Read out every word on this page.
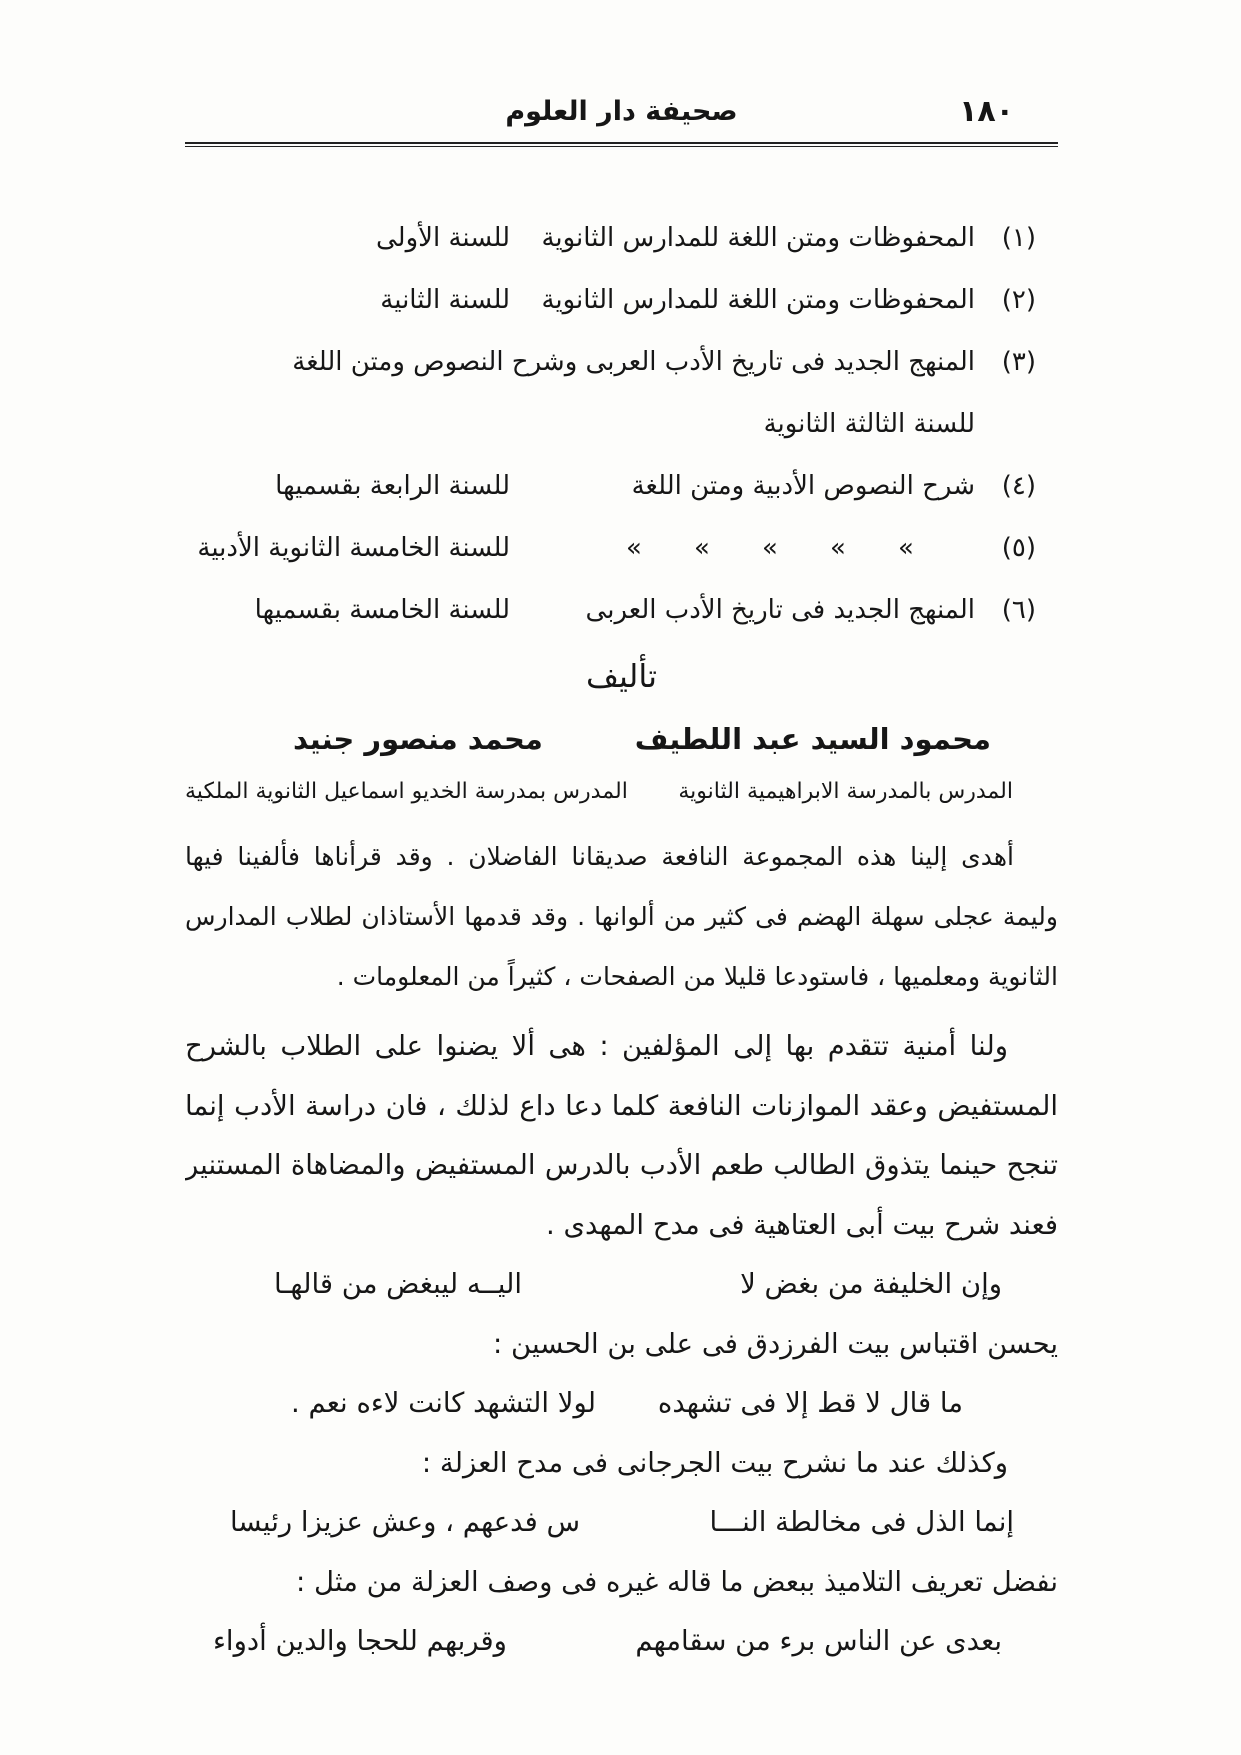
١٨٠
صحيفة دار العلوم
(١)
المحفوظات ومتن اللغة للمدارس الثانوية
للسنة الأولى
(٢)
المحفوظات ومتن اللغة للمدارس الثانوية
للسنة الثانية
(٣)
المنهج الجديد فى تاريخ الأدب العربى وشرح النصوص ومتن اللغة
للسنة الثالثة الثانوية
(٤)
شرح النصوص الأدبية ومتن اللغة
للسنة الرابعة بقسميها
(٥)
»
»
»
»
»
للسنة الخامسة الثانوية الأدبية
(٦)
المنهج الجديد فى تاريخ الأدب العربى
للسنة الخامسة بقسميها
تأليف
محمود السيد عبد اللطيف
محمد منصور جنيد
المدرس بالمدرسة الابراهيمية الثانوية
المدرس بمدرسة الخديو اسماعيل الثانوية الملكية
أهدى إلينا هذه المجموعة النافعة صديقانا الفاضلان . وقد قرأناها فألفينا فيها
وليمة عجلى سهلة الهضم فى كثير من ألوانها . وقد قدمها الأستاذان لطلاب المدارس
الثانوية ومعلميها ، فاستودعا قليلا من الصفحات ، كثيراً من المعلومات .
ولنا أمنية تتقدم بها إلى المؤلفين : هى ألا يضنوا على الطلاب بالشرح
المستفيض وعقد الموازنات النافعة كلما دعا داع لذلك ، فان دراسة الأدب إنما
تنجح حينما يتذوق الطالب طعم الأدب بالدرس المستفيض والمضاهاة المستنير
فعند شرح بيت أبى العتاهية فى مدح المهدى .
وإن الخليفة من بغض لا
اليــه ليبغض من قالهـا
يحسن اقتباس بيت الفرزدق فى على بن الحسين :
ما قال لا قط إلا فى تشهده
لولا التشهد كانت لاءه نعم .
وكذلك عند ما نشرح بيت الجرجانى فى مدح العزلة :
إنما الذل فى مخالطة النـــا
س فدعهم ، وعش عزيزا رئيسا
نفضل تعريف التلاميذ ببعض ما قاله غيره فى وصف العزلة من مثل :
بعدى عن الناس برء من سقامهم
وقربهم للحجا والدين أدواء
